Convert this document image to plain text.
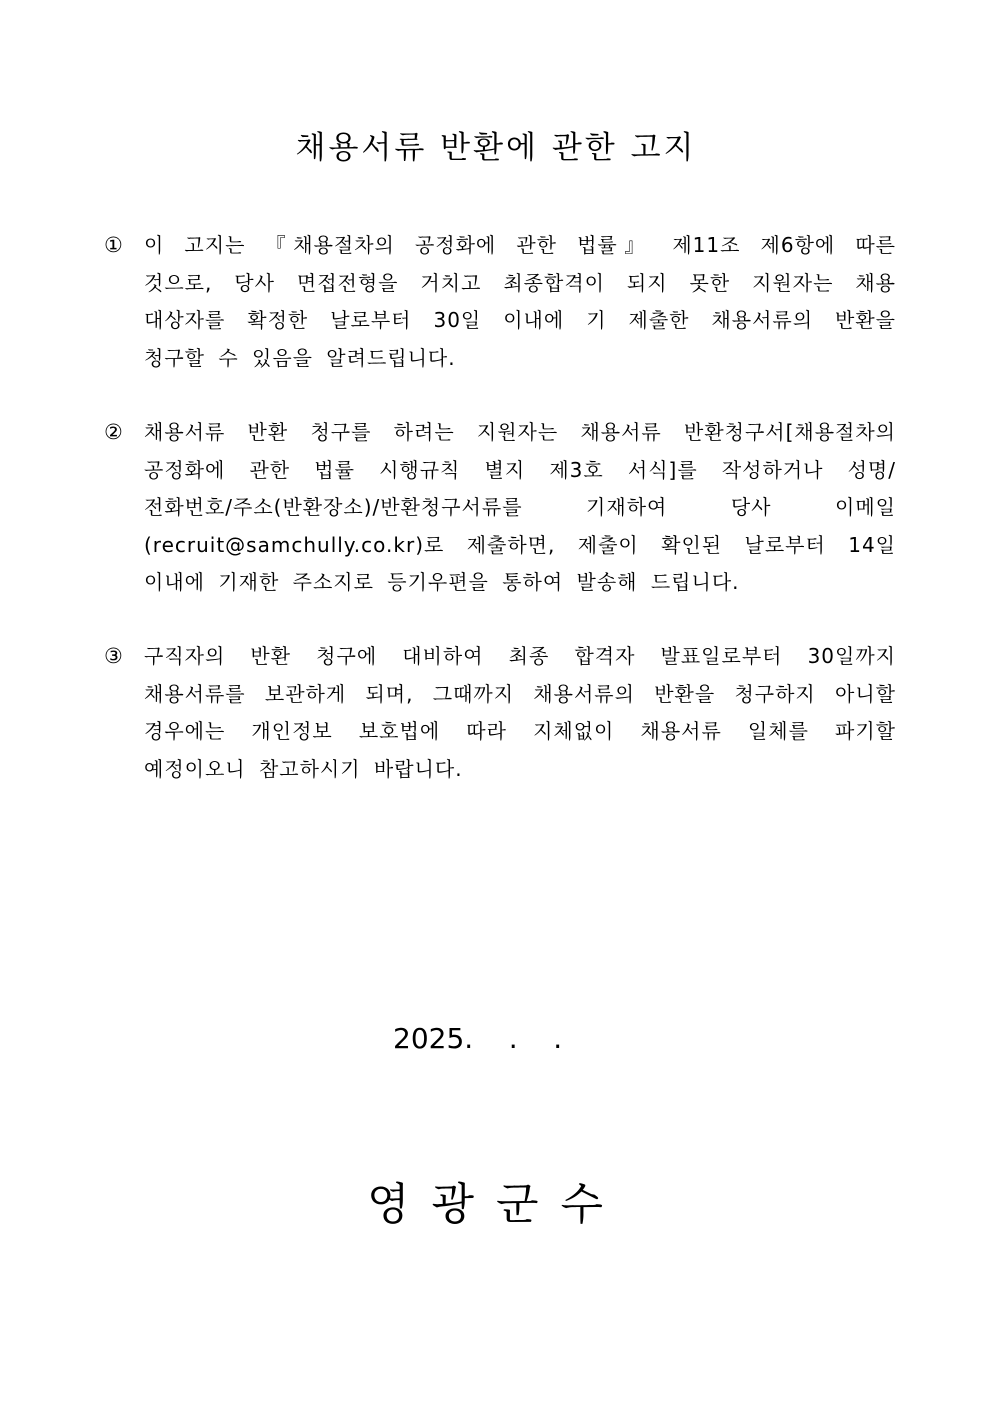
채용서류 반환에 관한 고지
①	이 고지는 『채용절차의 공정화에 관한 법률』 제11조 제6항에 따른 것으로, 당사 면접전형을 거치고 최종합격이 되지 못한 지원자는 채용 대상자를 확정한 날로부터 30일 이내에 기 제출한 채용서류의 반환을 청구할 수 있음을 알려드립니다.
②	채용서류 반환 청구를 하려는 지원자는 채용서류 반환청구서[채용절차의 공정화에 관한 법률 시행규칙 별지 제3호 서식]를 작성하거나 성명/전화번호/주소(반환장소)/반환청구서류를 기재하여 당사 이메일 (recruit@samchully.co.kr)로 제출하면, 제출이 확인된 날로부터 14일 이내에 기재한 주소지로 등기우편을 통하여 발송해 드립니다.
③	구직자의 반환 청구에 대비하여 최종 합격자 발표일로부터 30일까지 채용서류를 보관하게 되며, 그때까지 채용서류의 반환을 청구하지 아니할 경우에는 개인정보 보호법에 따라 지체없이 채용서류 일체를 파기할 예정이오니 참고하시기 바랍니다.
2025.    .    .
영광군수
